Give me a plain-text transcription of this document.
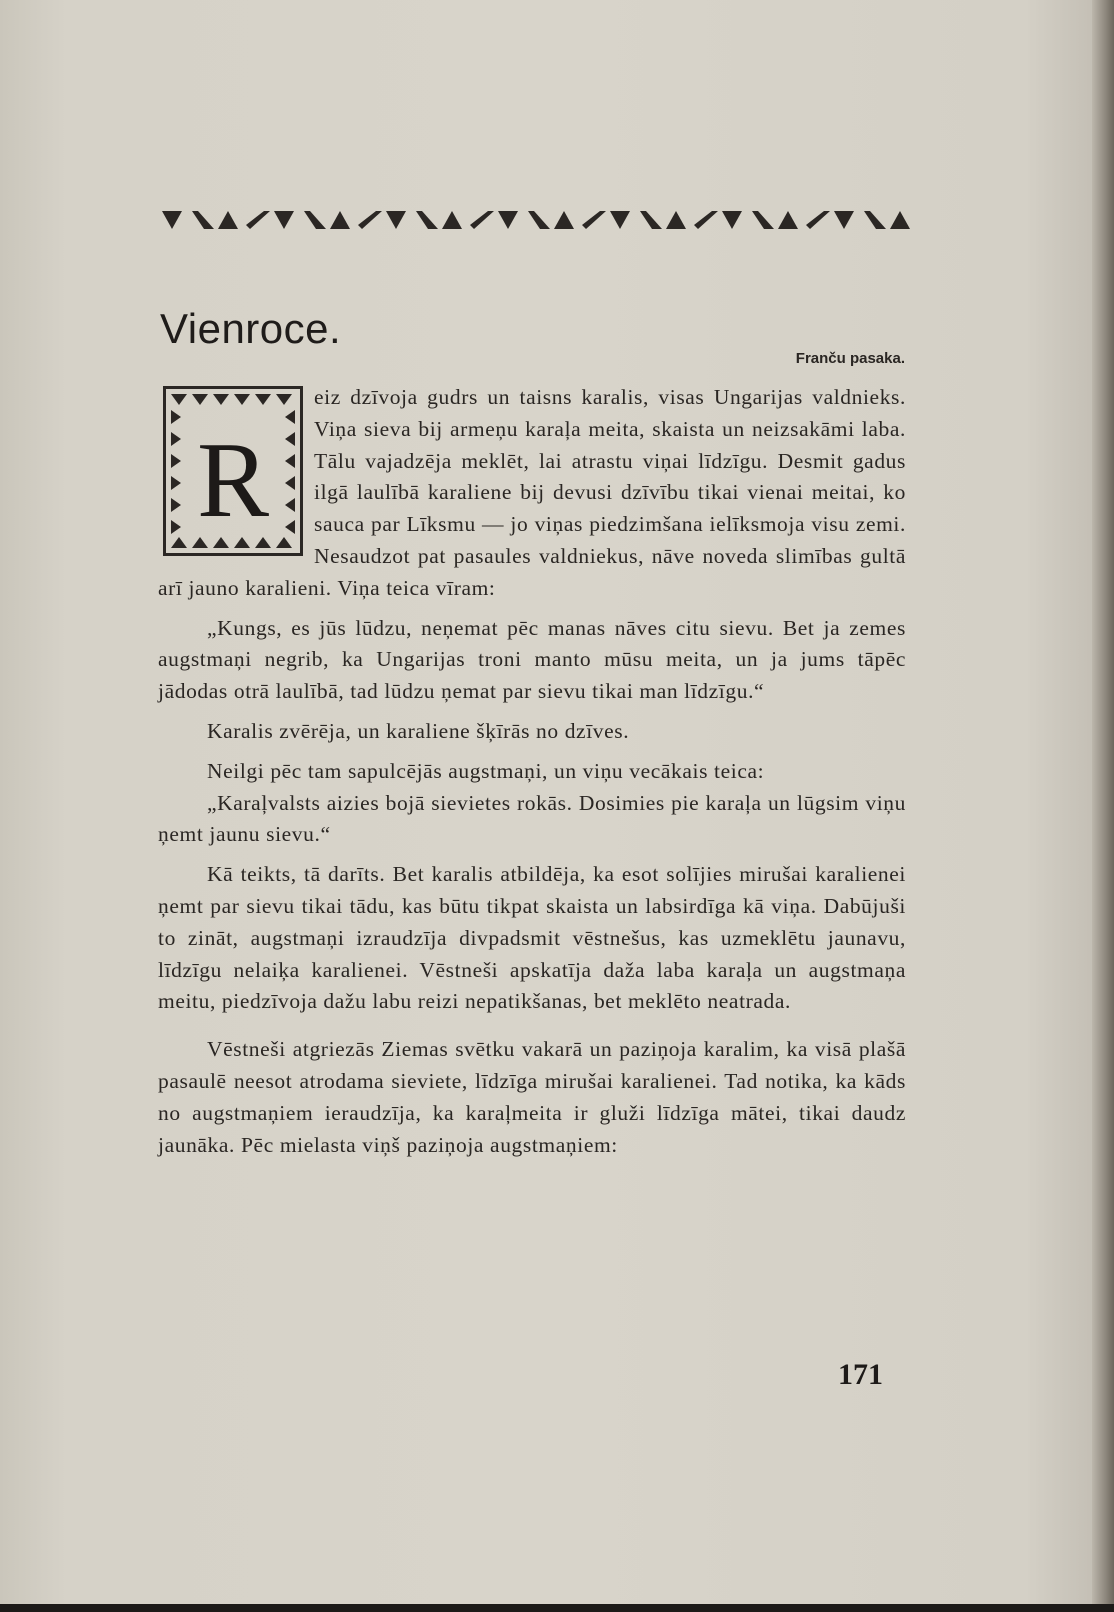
Vienroce.
Franču pasaka.
R

eiz dzīvoja gudrs un taisns karalis, visas Ungarijas valdnieks. Viņa sieva bij armeņu karaļa meita, skaista un neizsakāmi laba. Tālu vajadzēja meklēt, lai atrastu viņai līdzīgu. Desmit gadus ilgā laulībā karaliene bij devusi dzīvību tikai vienai meitai, ko sauca par Līksmu — jo viņas piedzimšana ielīksmoja visu zemi. Nesaudzot pat pasaules valdniekus, nāve noveda slimības gultā arī jauno karalieni. Viņa teica vīram:

„Kungs, es jūs lūdzu, neņemat pēc manas nāves citu sievu. Bet ja zemes augstmaņi negrib, ka Ungarijas troni manto mūsu meita, un ja jums tāpēc jādodas otrā laulībā, tad lūdzu ņemat par sievu tikai man līdzīgu.“

Karalis zvērēja, un karaliene šķīrās no dzīves.

Neilgi pēc tam sapulcējās augstmaņi, un viņu vecākais teica:

„Karaļvalsts aizies bojā sievietes rokās. Dosimies pie karaļa un lūgsim viņu ņemt jaunu sievu.“

Kā teikts, tā darīts. Bet karalis atbildēja, ka esot solījies mirušai karalienei ņemt par sievu tikai tādu, kas būtu tikpat skaista un labsirdīga kā viņa. Dabūjuši to zināt, augstmaņi izraudzīja divpadsmit vēstnešus, kas uzmeklētu jaunavu, līdzīgu nelaiķa karalienei. Vēstneši apskatīja daža laba karaļa un augstmaņa meitu, piedzīvoja dažu labu reizi nepatikšanas, bet meklēto neatrada.

Vēstneši atgriezās Ziemas svētku vakarā un paziņoja karalim, ka visā plašā pasaulē neesot atrodama sieviete, līdzīga mirušai karalienei. Tad notika, ka kāds no augstmaņiem ieraudzīja, ka karaļmeita ir gluži līdzīga mātei, tikai daudz jaunāka. Pēc mielasta viņš paziņoja augstmaņiem:

171
